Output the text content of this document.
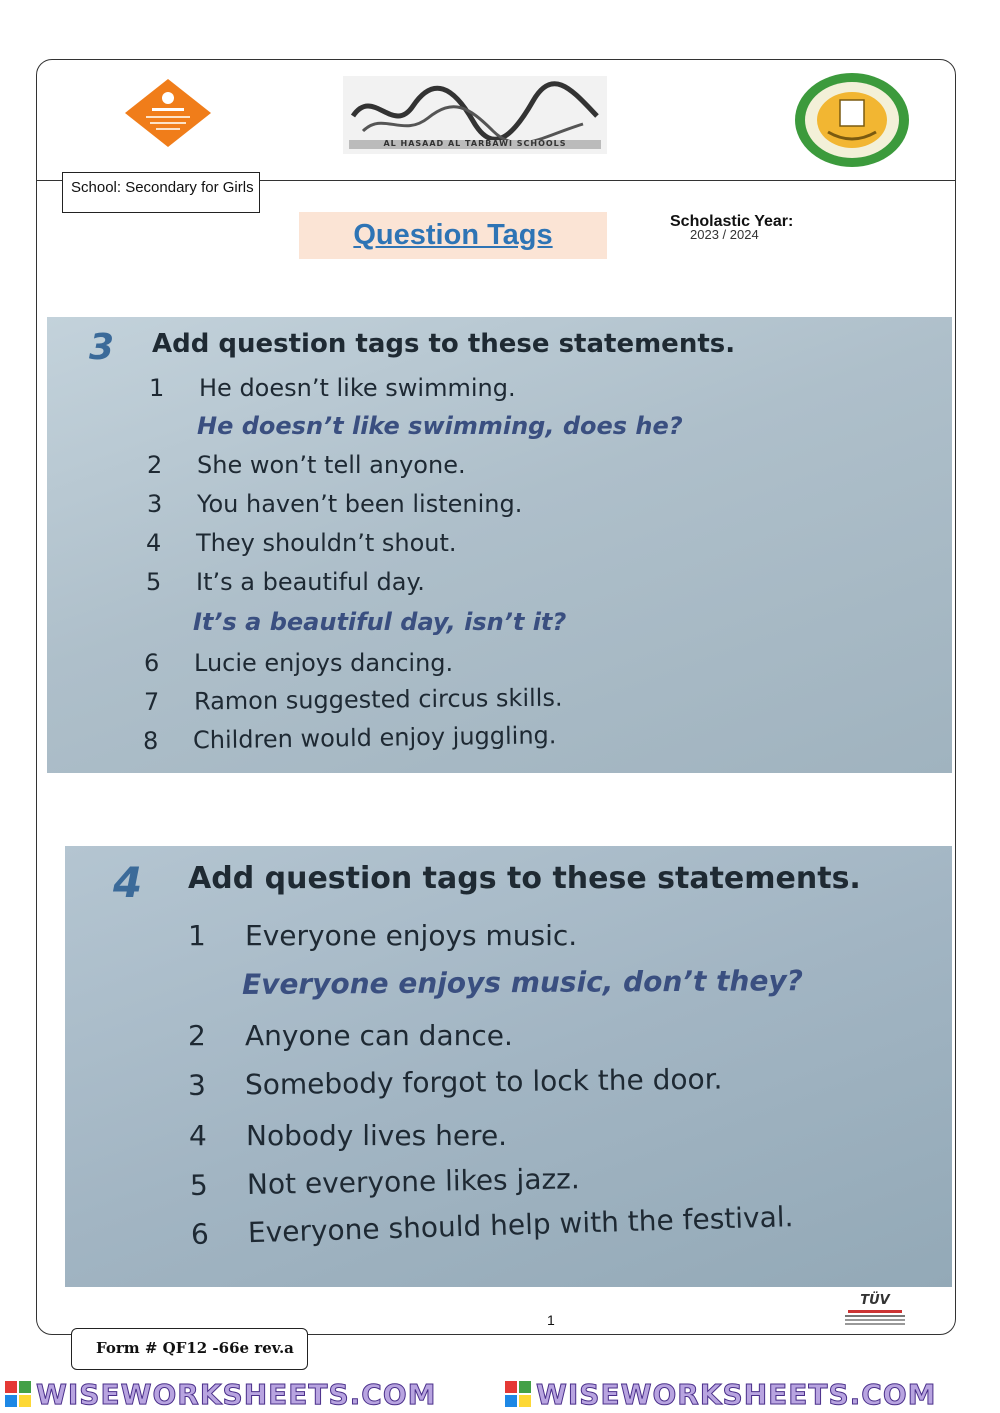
AL HASAAD AL TARBAWI SCHOOLS
School: Secondary for Girls
Question Tags	Scholastic Year:
2023 / 2024
3 Add question tags to these statements.
1 He doesn’t like swimming.
He doesn’t like swimming, does he?
2 She won’t tell anyone.
3 You haven’t been listening.
4 They shouldn’t shout.
5 It’s a beautiful day.
It’s a beautiful day, isn’t it?
6 Lucie enjoys dancing.
7 Ramon suggested circus skills.
8 Children would enjoy juggling.
4 Add question tags to these statements.
1 Everyone enjoys music.
Everyone enjoys music, don’t they?
2 Anyone can dance.
3 Somebody forgot to lock the door.
4 Nobody lives here.
5 Not everyone likes jazz.
6 Everyone should help with the festival.
1
TÜV
Form # QF12 -66e rev.a
WISEWORKSHEETS.COM	WISEWORKSHEETS.COM
